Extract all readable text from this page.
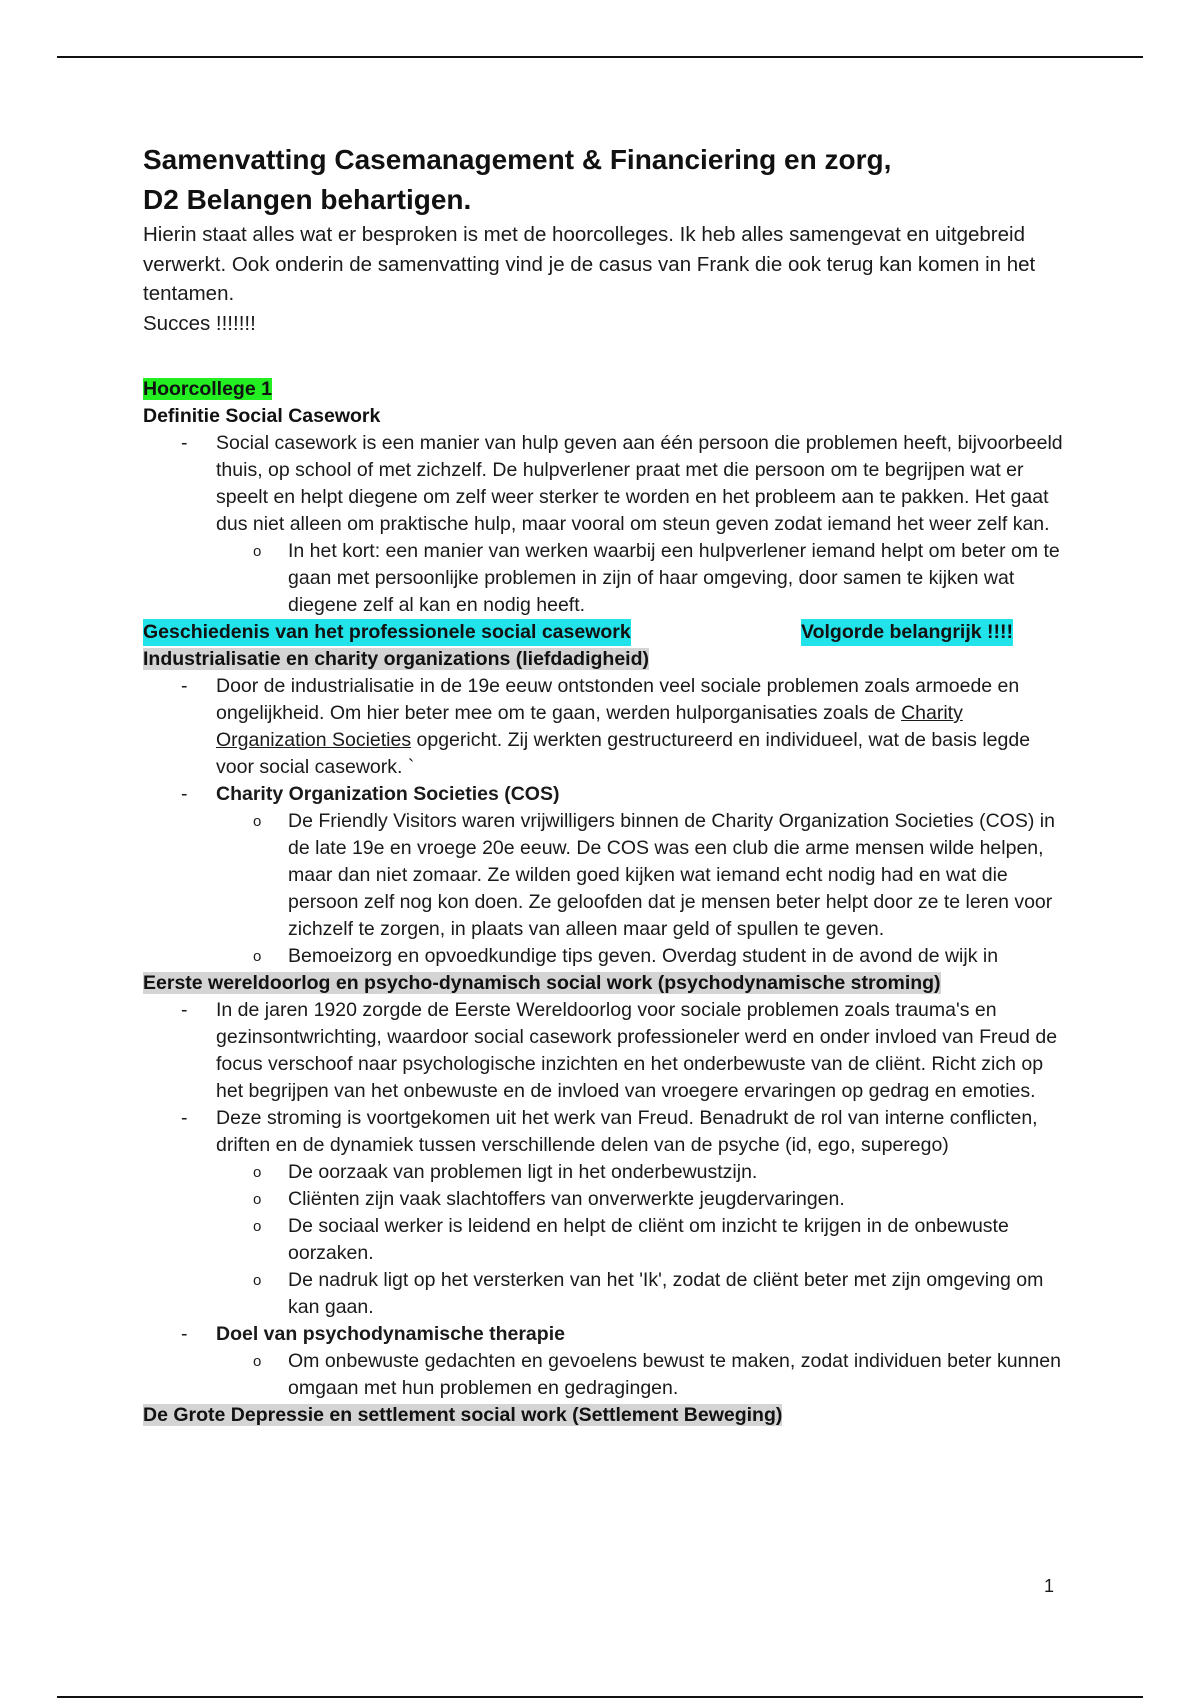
Samenvatting Casemanagement & Financiering en zorg,
D2 Belangen behartigen.

Hierin staat alles wat er besproken is met de hoorcolleges. Ik heb alles samengevat en uitgebreid verwerkt. Ook onderin de samenvatting vind je de casus van Frank die ook terug kan komen in het tentamen.

Succes !!!!!!!

Hoorcollege 1
Definitie Social Casework
- Social casework is een manier van hulp geven aan één persoon die problemen heeft, bijvoorbeeld thuis, op school of met zichzelf. De hulpverlener praat met die persoon om te begrijpen wat er speelt en helpt diegene om zelf weer sterker te worden en het probleem aan te pakken. Het gaat dus niet alleen om praktische hulp, maar vooral om steun geven zodat iemand het weer zelf kan.
o In het kort: een manier van werken waarbij een hulpverlener iemand helpt om beter om te gaan met persoonlijke problemen in zijn of haar omgeving, door samen te kijken wat diegene zelf al kan en nodig heeft.
Geschiedenis van het professionele social casework	Volgorde belangrijk !!!!
Industrialisatie en charity organizations (liefdadigheid)
- Door de industrialisatie in de 19e eeuw ontstonden veel sociale problemen zoals armoede en ongelijkheid. Om hier beter mee om te gaan, werden hulporganisaties zoals de Charity Organization Societies opgericht. Zij werkten gestructureerd en individueel, wat de basis legde voor social casework. `
- Charity Organization Societies (COS)
o De Friendly Visitors waren vrijwilligers binnen de Charity Organization Societies (COS) in de late 19e en vroege 20e eeuw. De COS was een club die arme mensen wilde helpen, maar dan niet zomaar. Ze wilden goed kijken wat iemand echt nodig had en wat die persoon zelf nog kon doen. Ze geloofden dat je mensen beter helpt door ze te leren voor zichzelf te zorgen, in plaats van alleen maar geld of spullen te geven.
o Bemoeizorg en opvoedkundige tips geven. Overdag student in de avond de wijk in
Eerste wereldoorlog en psycho-dynamisch social work (psychodynamische stroming)
- In de jaren 1920 zorgde de Eerste Wereldoorlog voor sociale problemen zoals trauma's en gezinsontwrichting, waardoor social casework professioneler werd en onder invloed van Freud de focus verschoof naar psychologische inzichten en het onderbewuste van de cliënt. Richt zich op het begrijpen van het onbewuste en de invloed van vroegere ervaringen op gedrag en emoties.
- Deze stroming is voortgekomen uit het werk van Freud. Benadrukt de rol van interne conflicten, driften en de dynamiek tussen verschillende delen van de psyche (id, ego, superego)
o De oorzaak van problemen ligt in het onderbewustzijn.
o Cliënten zijn vaak slachtoffers van onverwerkte jeugdervaringen.
o De sociaal werker is leidend en helpt de cliënt om inzicht te krijgen in de onbewuste oorzaken.
o De nadruk ligt op het versterken van het 'Ik', zodat de cliënt beter met zijn omgeving om kan gaan.
- Doel van psychodynamische therapie
o Om onbewuste gedachten en gevoelens bewust te maken, zodat individuen beter kunnen omgaan met hun problemen en gedragingen.
De Grote Depressie en settlement social work (Settlement Beweging)
1
